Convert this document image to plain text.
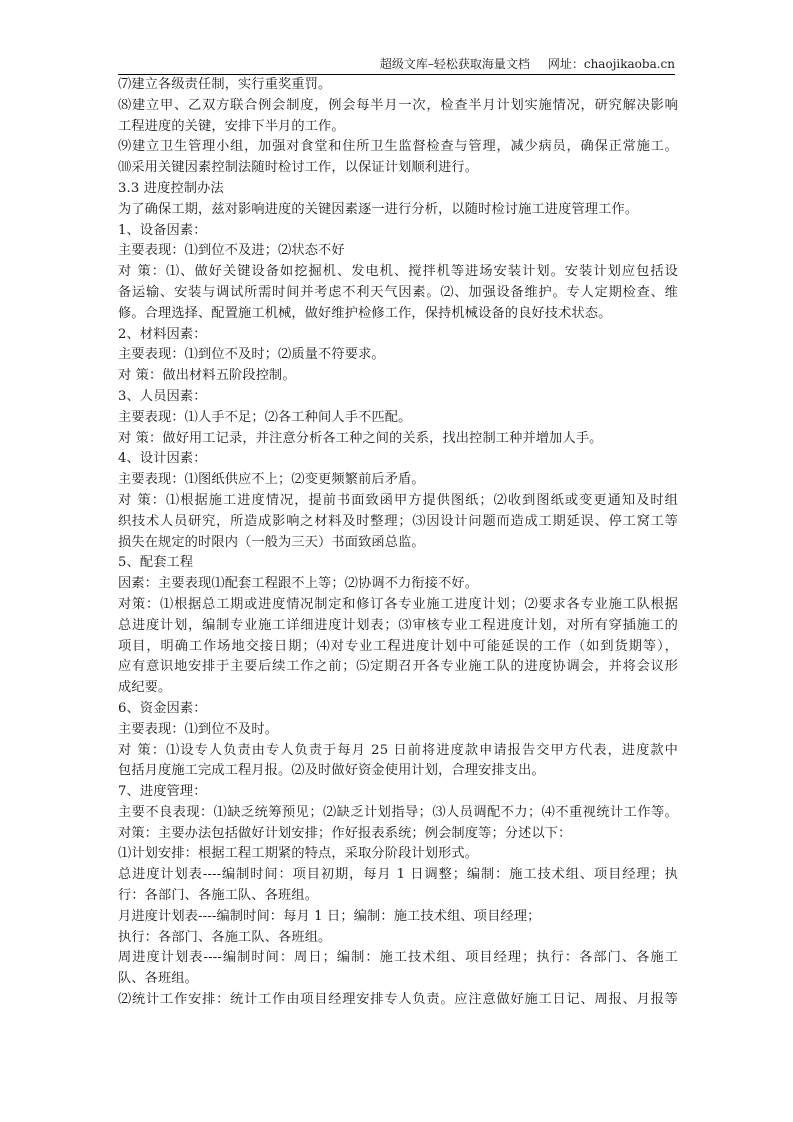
超级文库–轻松获取海量文档 网址：chaojikaoba.cn
⑺建立各级责任制，实行重奖重罚。
⑻建立甲、乙双方联合例会制度，例会每半月一次，检查半月计划实施情况，研究解决影响
工程进度的关键，安排下半月的工作。
⑼建立卫生管理小组，加强对食堂和住所卫生监督检查与管理，减少病员，确保正常施工。
⑽采用关键因素控制法随时检讨工作，以保证计划顺利进行。
3.3 进度控制办法
为了确保工期，兹对影响进度的关键因素逐一进行分析，以随时检讨施工进度管理工作。
1、设备因素：
主要表现：⑴到位不及进；⑵状态不好
对 策：⑴、做好关键设备如挖掘机、发电机、搅拌机等进场安装计划。安装计划应包括设
备运输、安装与调试所需时间并考虑不利天气因素。⑵、加强设备维护。专人定期检查、维
修。合理选择、配置施工机械，做好维护检修工作，保持机械设备的良好技术状态。
2、材料因素：
主要表现：⑴到位不及时；⑵质量不符要求。
对 策：做出材料五阶段控制。
3、人员因素：
主要表现：⑴人手不足；⑵各工种间人手不匹配。
对 策：做好用工记录，并注意分析各工种之间的关系，找出控制工种并增加人手。
4、设计因素：
主要表现：⑴图纸供应不上；⑵变更频繁前后矛盾。
对 策：⑴根据施工进度情况，提前书面致函甲方提供图纸；⑵收到图纸或变更通知及时组
织技术人员研究，所造成影响之材料及时整理；⑶因设计问题而造成工期延误、停工窝工等
损失在规定的时限内（一般为三天）书面致函总监。
5、配套工程
因素：主要表现⑴配套工程跟不上等；⑵协调不力衔接不好。
对策：⑴根据总工期或进度情况制定和修订各专业施工进度计划；⑵要求各专业施工队根据
总进度计划，编制专业施工详细进度计划表；⑶审核专业工程进度计划，对所有穿插施工的
项目，明确工作场地交接日期；⑷对专业工程进度计划中可能延误的工作（如到货期等），
应有意识地安排于主要后续工作之前；⑸定期召开各专业施工队的进度协调会，并将会议形
成纪要。
6、资金因素：
主要表现：⑴到位不及时。
对 策：⑴设专人负责由专人负责于每月 25 日前将进度款申请报告交甲方代表，进度款中
包括月度施工完成工程月报。⑵及时做好资金使用计划，合理安排支出。
7、进度管理：
主要不良表现：⑴缺乏统筹预见；⑵缺乏计划指导；⑶人员调配不力；⑷不重视统计工作等。
对策：主要办法包括做好计划安排；作好报表系统；例会制度等；分述以下：
⑴计划安排：根据工程工期紧的特点，采取分阶段计划形式。
总进度计划表----编制时间：项目初期，每月 1 日调整；编制：施工技术组、项目经理；执
行：各部门、各施工队、各班组。
月进度计划表----编制时间：每月 1 日；编制：施工技术组、项目经理；
执行：各部门、各施工队、各班组。
周进度计划表----编制时间：周日；编制：施工技术组、项目经理；执行：各部门、各施工
队、各班组。
⑵统计工作安排：统计工作由项目经理安排专人负责。应注意做好施工日记、周报、月报等
